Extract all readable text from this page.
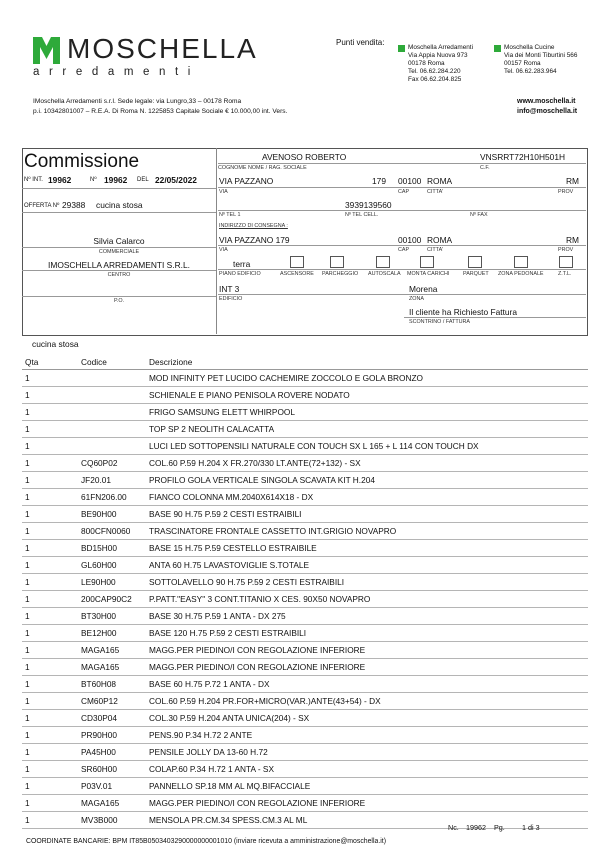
MOSCHELLA
arredamenti
Punti vendita:
Moschella Arredamenti
Via Appia Nuova 973
00178 Roma
Tel. 06.62.284.220
Fax 06.62.204.825
Moschella Cucine
Via dei Monti Tiburtini 566
00157 Roma
Tel. 06.62.283.964
IMoschella Arredamenti s.r.l. Sede legale: via Lungro,33 – 00178 Roma
p.i. 10342801007 – R.E.A. Di Roma N. 1225853 Capitale Sociale € 10.000,00 int. Vers.
www.moschella.it
info@moschella.it
Commissione
Nº INT. 19962	Nº 19962 DEL 22/05/2022
OFFERTA Nº 29388 cucina stosa
Silvia Calarco
COMMERCIALE
IMOSCHELLA ARREDAMENTI S.R.L.
CENTRO
P.O.
AVENOSO ROBERTO	VNSRRT72H10H501H
COGNOME NOME / RAG. SOCIALE	C.F.
VIA PAZZANO	179 00100 ROMA	RM
VIA	CAP	CITTA'	PROV
3939139560
Nº TEL 1	Nº TEL CELL.	Nº FAX
INDIRIZZO DI CONSEGNA :
VIA PAZZANO 179	00100 ROMA	RM
VIA	CAP	CITTA'	PROV
terra
PIANO EDIFICIO	ASCENSORE PARCHEGGIO AUTOSCALA MONTA CARICHI	PARQUET ZONA PEDONALE	Z.T.L.
INT 3	Morena
EDIFICIO	ZONA
Il cliente ha Richiesto Fattura
SCONTRINO / FATTURA
cucina stosa
Qta	Codice	Descrizione
1		MOD INFINITY PET LUCIDO CACHEMIRE ZOCCOLO E GOLA BRONZO
1		SCHIENALE E PIANO PENISOLA ROVERE NODATO
1		FRIGO SAMSUNG ELETT WHIRPOOL
1		TOP SP 2 NEOLITH CALACATTA
1		LUCI LED SOTTOPENSILI NATURALE CON TOUCH SX L 165 + L 114 CON TOUCH DX
1	CQ60P02	COL.60 P.59 H.204 X FR.270/330 LT.ANTE(72+132) - SX
1	JF20.01	PROFILO GOLA VERTICALE SINGOLA SCAVATA KIT H.204
1	61FN206.00	FIANCO COLONNA MM.2040X614X18 - DX
1	BE90H00	BASE 90 H.75 P.59 2 CESTI ESTRAIBILI
1	800CFN0060	TRASCINATORE FRONTALE CASSETTO INT.GRIGIO NOVAPRO
1	BD15H00	BASE 15 H.75 P.59 CESTELLO ESTRAIBILE
1	GL60H00	ANTA 60 H.75 LAVASTOVIGLIE S.TOTALE
1	LE90H00	SOTTOLAVELLO 90 H.75 P.59 2 CESTI ESTRAIBILI
1	200CAP90C2	P.PATT."EASY" 3 CONT.TITANIO X CES. 90X50 NOVAPRO
1	BT30H00	BASE 30 H.75 P.59 1 ANTA - DX 275
1	BE12H00	BASE 120 H.75 P.59 2 CESTI ESTRAIBILI
1	MAGA165	MAGG.PER PIEDINO/I CON REGOLAZIONE INFERIORE
1	MAGA165	MAGG.PER PIEDINO/I CON REGOLAZIONE INFERIORE
1	BT60H08	BASE 60 H.75 P.72 1 ANTA - DX
1	CM60P12	COL.60 P.59 H.204 PR.FOR+MICRO(VAR.)ANTE(43+54) - DX
1	CD30P04	COL.30 P.59 H.204 ANTA UNICA(204) - SX
1	PR90H00	PENS.90 P.34 H.72 2 ANTE
1	PA45H00	PENSILE JOLLY DA 13-60 H.72
1	SR60H00	COLAP.60 P.34 H.72 1 ANTA - SX
1	P03V.01	PANNELLO SP.18 MM AL MQ.BIFACCIALE
1	MAGA165	MAGG.PER PIEDINO/I CON REGOLAZIONE INFERIORE
1	MV3B000	MENSOLA PR.CM.34 SPESS.CM.3 AL ML
Nc. 19962 Pg. 1 di 3
COORDINATE BANCARIE: BPM IT85B0503403290000000001010 (inviare ricevuta a amministrazione@moschella.it)
